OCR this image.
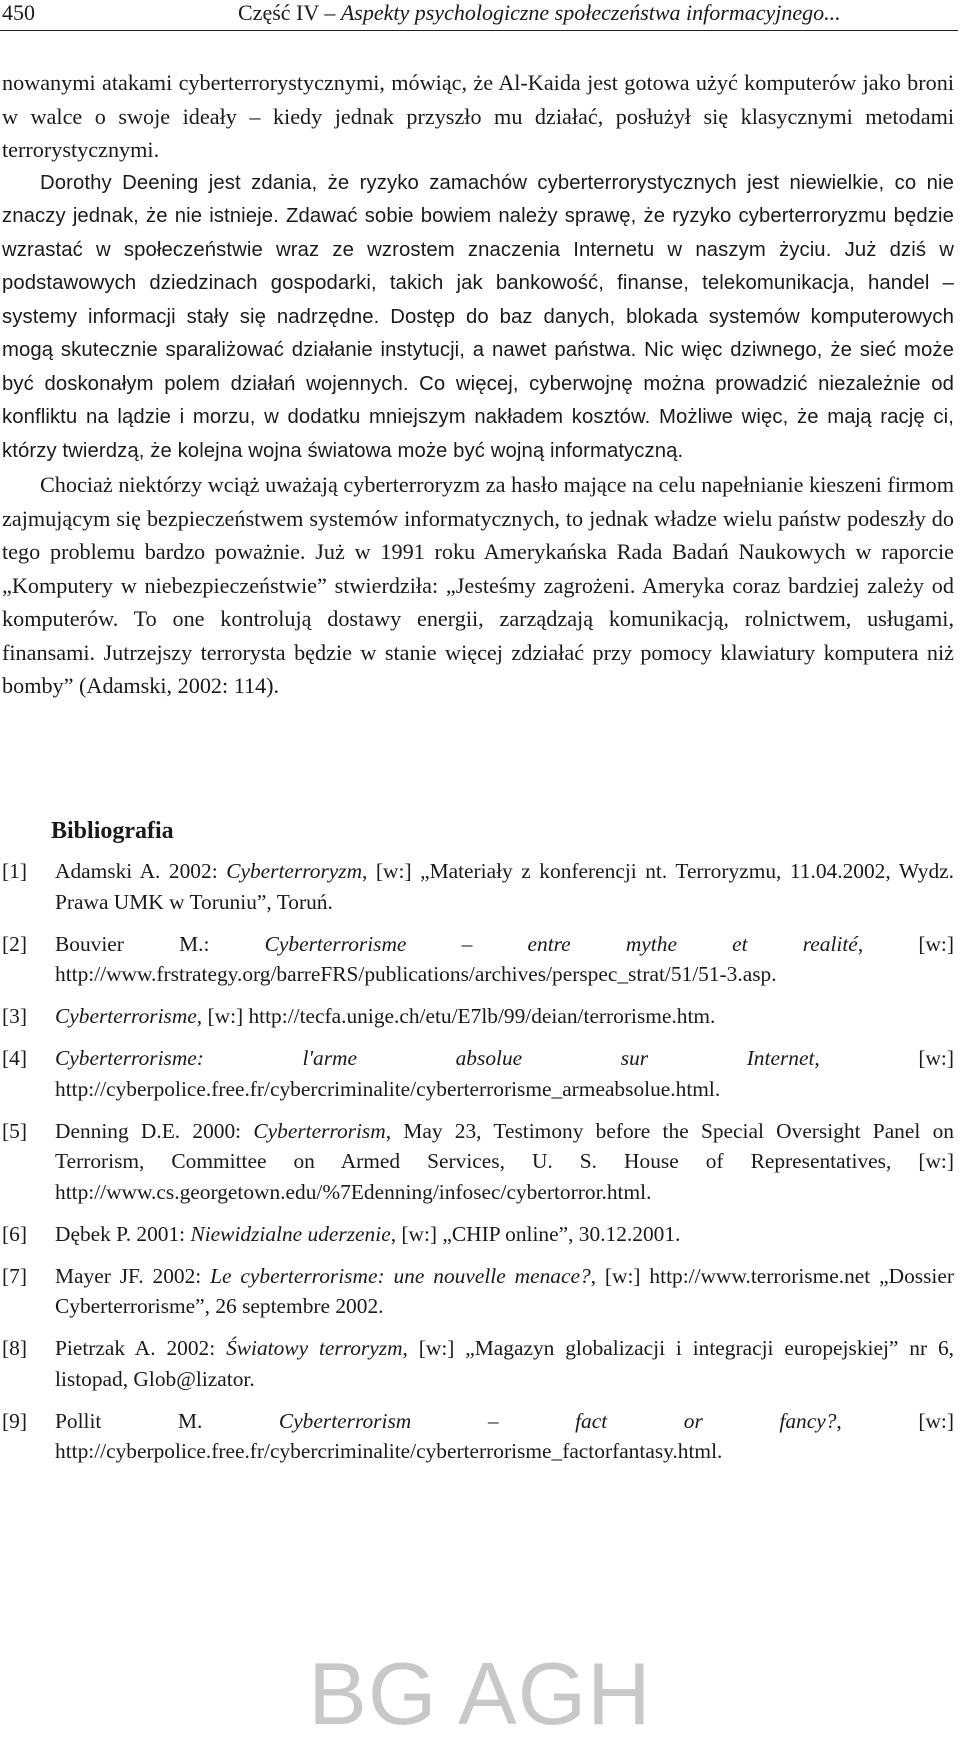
450	Część IV – Aspekty psychologiczne społeczeństwa informacyjnego...

nowanymi atakami cyberterrorystycznymi, mówiąc, że Al-Kaida jest gotowa użyć komputerów jako broni w walce o swoje ideały – kiedy jednak przyszło mu działać, posłużył się klasycznymi metodami terrorystycznymi.

Dorothy Deening jest zdania, że ryzyko zamachów cyberterrorystycznych jest niewielkie, co nie znaczy jednak, że nie istnieje. Zdawać sobie bowiem należy sprawę, że ryzyko cyberterroryzmu będzie wzrastać w społeczeństwie wraz ze wzrostem znaczenia Internetu w naszym życiu. Już dziś w podstawowych dziedzinach gospodarki, takich jak bankowość, finanse, telekomunikacja, handel – systemy informacji stały się nadrzędne. Dostęp do baz danych, blokada systemów komputerowych mogą skutecznie sparaliżować działanie instytucji, a nawet państwa. Nic więc dziwnego, że sieć może być doskonałym polem działań wojennych. Co więcej, cyberwojnę można prowadzić niezależnie od konfliktu na lądzie i morzu, w dodatku mniejszym nakładem kosztów. Możliwe więc, że mają rację ci, którzy twierdzą, że kolejna wojna światowa może być wojną informatyczną.

Chociaż niektórzy wciąż uważają cyberterroryzm za hasło mające na celu napełnianie kieszeni firmom zajmującym się bezpieczeństwem systemów informatycznych, to jednak władze wielu państw podeszły do tego problemu bardzo poważnie. Już w 1991 roku Amerykańska Rada Badań Naukowych w raporcie „Komputery w niebezpieczeństwie” stwierdziła: „Jesteśmy zagrożeni. Ameryka coraz bardziej zależy od komputerów. To one kontrolują dostawy energii, zarządzają komunikacją, rolnictwem, usługami, finansami. Jutrzejszy terrorysta będzie w stanie więcej zdziałać przy pomocy klawiatury komputera niż bomby” (Adamski, 2002: 114).

Bibliografia
[1] Adamski A. 2002: Cyberterroryzm, [w:] „Materiały z konferencji nt. Terroryzmu, 11.04.2002, Wydz. Prawa UMK w Toruniu”, Toruń.
[2] Bouvier M.: Cyberterrorisme – entre mythe et realité, [w:] http://www.frstrategy.org/barreFRS/publications/archives/perspec_strat/51/51-3.asp.
[3] Cyberterrorisme, [w:] http://tecfa.unige.ch/etu/E7lb/99/deian/terrorisme.htm.
[4] Cyberterrorisme: l'arme absolue sur Internet, [w:] http://cyberpolice.free.fr/cybercriminalite/cyberterrorisme_armeabsolue.html.
[5] Denning D.E. 2000: Cyberterrorism, May 23, Testimony before the Special Oversight Panel on Terrorism, Committee on Armed Services, U. S. House of Representatives, [w:] http://www.cs.georgetown.edu/%7Edenning/infosec/cybertorror.html.
[6] Dębek P. 2001: Niewidzialne uderzenie, [w:] „CHIP online”, 30.12.2001.
[7] Mayer JF. 2002: Le cyberterrorisme: une nouvelle menace?, [w:] http://www.terrorisme.net „Dossier Cyberterrorisme”, 26 septembre 2002.
[8] Pietrzak A. 2002: Światowy terroryzm, [w:] „Magazyn globalizacji i integracji europejskiej” nr 6, listopad, Glob@lizator.
[9] Pollit M. Cyberterrorism – fact or fancy?, [w:] http://cyberpolice.free.fr/cybercriminalite/cyberterrorisme_factorfantasy.html.
BG AGH
